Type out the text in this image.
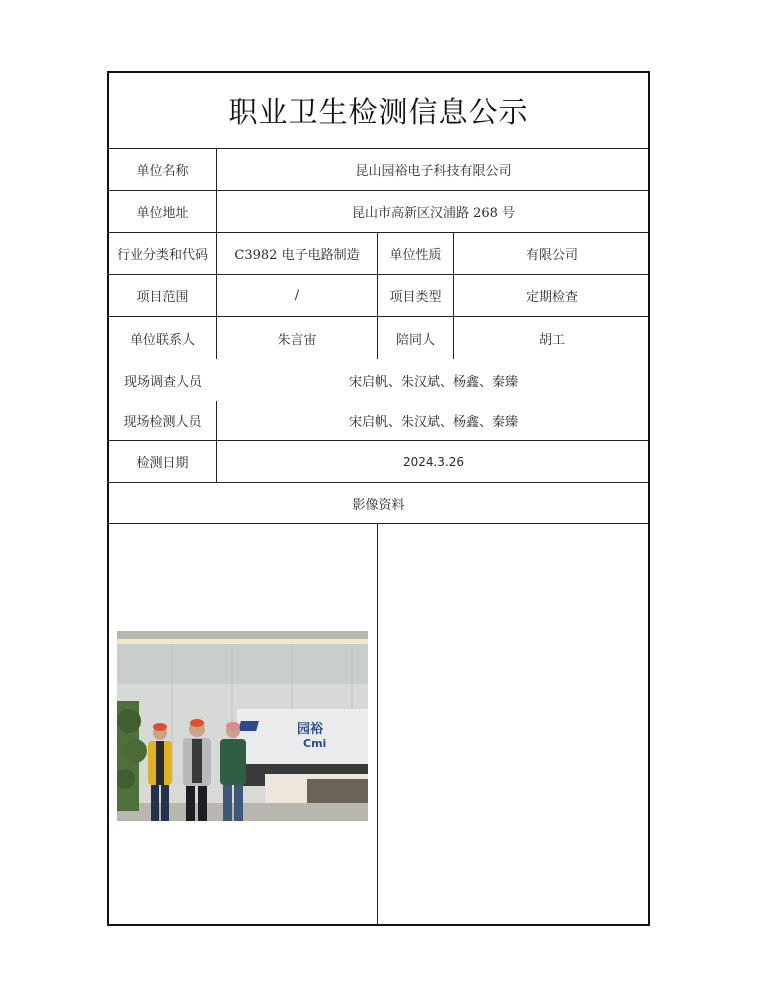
职业卫生检测信息公示
单位名称	昆山园裕电子科技有限公司
单位地址	昆山市高新区汉浦路 268 号
行业分类和代码	C3982 电子电路制造	单位性质	有限公司
项目范围	/	项目类型	定期检查
单位联系人	朱言宙	陪同人	胡工
现场调查人员	宋启帆、朱汉斌、杨鑫、秦臻
现场检测人员	宋启帆、朱汉斌、杨鑫、秦臻
检测日期	2024.3.26
影像资料
园裕
Cmi
